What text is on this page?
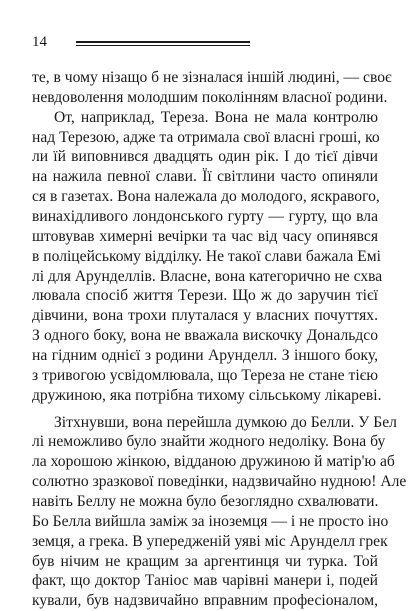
14
те, в чому нізащо б не зізналася іншій людині, — своє
невдоволення молодшим поколінням власної родини.
От, наприклад, Тереза. Вона не мала контролю
над Терезою, адже та отримала свої власні гроші, ко
ли їй виповнився двадцять один рік. І до тієї дівчи
на нажила певної слави. Її світлини часто опиняли
ся в газетах. Вона належала до молодого, яскравого,
винахідливого лондонського гурту — гурту, що вла
штовував химерні вечірки та час від часу опинявся
в поліцейському відділку. Не такої слави бажала Емі
лі для Арунделлів. Власне, вона категорично не схва
лювала спосіб життя Терези. Що ж до заручин тієї
дівчини, вона трохи плуталася у власних почуттях.
З одного боку, вона не вважала вискочку Дональдсо
на гідним однієї з родини Арунделл. З іншого боку,
з тривогою усвідомлювала, що Тереза не стане тією
дружиною, яка потрібна тихому сільському лікареві.
Зітхнувши, вона перейшла думкою до Белли. У Бел
лі неможливо було знайти жодного недоліку. Вона бу
ла хорошою жінкою, відданою дружиною й матір'ю аб
солютно зразкової поведінки, надзвичайно нудною! Але
навіть Беллу не можна було безоглядно схвалювати.
Бо Белла вийшла заміж за іноземця — і не просто іно
земця, а грека. В упередженій уяві міс Арунделл грек
був нічим не кращим за аргентинця чи турка. Той
факт, що доктор Таніос мав чарівні манери і, подей
кували, був надзвичайно вправним професіоналом,
